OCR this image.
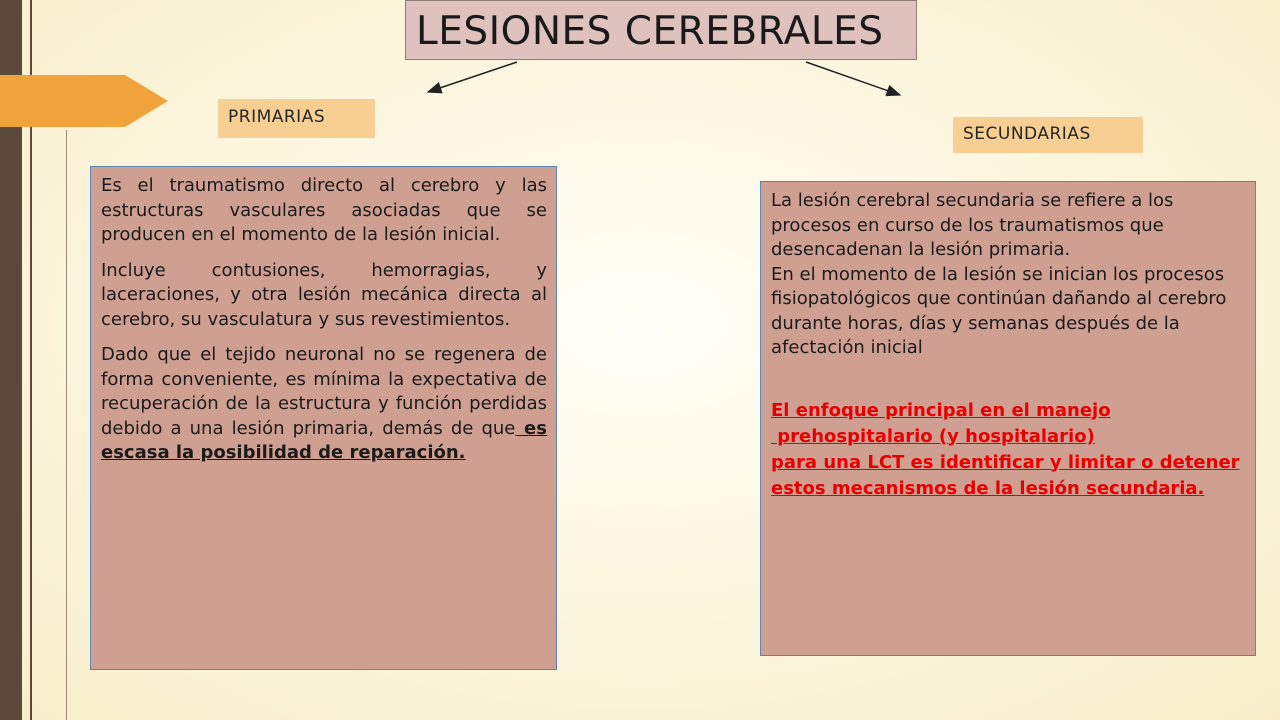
LESIONES CEREBRALES
PRIMARIAS
SECUNDARIAS

Es el traumatismo directo al cerebro y las estructuras vasculares asociadas que se producen en el momento de la lesión inicial.

Incluye contusiones, hemorragias, y laceraciones, y otra lesión mecánica directa al cerebro, su vasculatura y sus revestimientos.

Dado que el tejido neuronal no se regenera de forma conveniente, es mínima la expectativa de recuperación de la estructura y función perdidas debido a una lesión primaria, demás de que es escasa la posibilidad de reparación.

La lesión cerebral secundaria se refiere a los procesos en curso de los traumatismos que desencadenan la lesión primaria.

En el momento de la lesión se inician los procesos fisiopatológicos que continúan dañando al cerebro durante horas, días y semanas después de la afectación inicial

El enfoque principal en el manejo
prehospitalario (y hospitalario)
para una LCT es identificar y limitar o detener estos mecanismos de la lesión secundaria.
